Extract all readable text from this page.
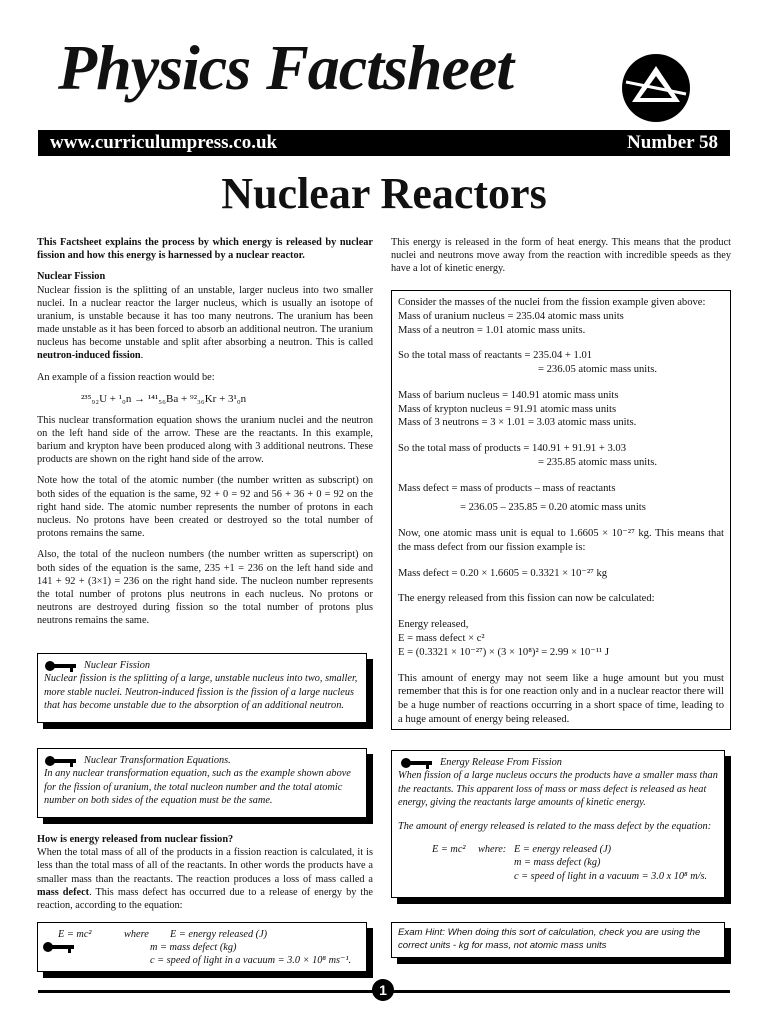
Physics Factsheet
www.curriculumpress.co.uk	Number 58
Nuclear Reactors

This Factsheet explains the process by which energy is released by nuclear fission and how this energy is harnessed by a nuclear reactor.

Nuclear Fission

Nuclear fission is the splitting of an unstable, larger nucleus into two smaller nuclei. In a nuclear reactor the larger nucleus, which is usually an isotope of uranium, is unstable because it has too many neutrons. The uranium has been made unstable as it has been forced to absorb an additional neutron. The uranium nucleus has become unstable and split after absorbing a neutron. This is called neutron-induced fission.

An example of a fission reaction would be:

²³⁵₉₂U + ¹₀n → ¹⁴¹₅₆Ba + ⁹²₃₆Kr + 3¹₀n

This nuclear transformation equation shows the uranium nuclei and the neutron on the left hand side of the arrow. These are the reactants. In this example, barium and krypton have been produced along with 3 additional neutrons. These products are shown on the right hand side of the arrow.

Note how the total of the atomic number (the number written as subscript) on both sides of the equation is the same, 92 + 0 = 92 and 56 + 36 + 0 = 92 on the right hand side. The atomic number represents the number of protons in each nucleus. No protons have been created or destroyed so the total number of protons remains the same.

Also, the total of the nucleon numbers (the number written as superscript) on both sides of the equation is the same, 235 +1 = 236 on the left hand side and 141 + 92 + (3×1) = 236 on the right hand side. The nucleon number represents the total number of protons plus neutrons in each nucleus. No protons or neutrons are destroyed during fission so the total number of protons plus neutrons remains the same.

Nuclear Fission

Nuclear fission is the splitting of a large, unstable nucleus into two, smaller, more stable nuclei. Neutron-induced fission is the fission of a large nucleus that has become unstable due to the absorption of an additional neutron.

Nuclear Transformation Equations.

In any nuclear transformation equation, such as the example shown above for the fission of uranium, the total nucleon number and the total atomic number on both sides of the equation must be the same.

How is energy released from nuclear fission?

When the total mass of all of the products in a fission reaction is calculated, it is less than the total mass of all of the reactants. In other words the products have a smaller mass than the reactants. The reaction produces a loss of mass called a mass defect. This mass defect has occurred due to a release of energy by the reaction, according to the equation:

E = mc²	where	E = energy released (J)
m = mass defect (kg)
c = speed of light in a vacuum = 3.0 × 10⁸ ms⁻¹.
This energy is released in the form of heat energy. This means that the product nuclei and neutrons move away from the reaction with incredible speeds as they have a lot of kinetic energy.

Consider the masses of the nuclei from the fission example given above:

Mass of uranium nucleus = 235.04 atomic mass units

Mass of a neutron = 1.01 atomic mass units.

So the total mass of reactants = 235.04 + 1.01

= 236.05 atomic mass units.

Mass of barium nucleus = 140.91 atomic mass units

Mass of krypton nucleus = 91.91 atomic mass units

Mass of 3 neutrons = 3 × 1.01 = 3.03 atomic mass units.

So the total mass of products = 140.91 + 91.91 + 3.03

= 235.85 atomic mass units.

Mass defect = mass of products – mass of reactants

= 236.05 – 235.85 = 0.20 atomic mass units

Now, one atomic mass unit is equal to 1.6605 × 10⁻²⁷ kg. This means that the mass defect from our fission example is:

Mass defect = 0.20 × 1.6605 = 0.3321 × 10⁻²⁷ kg

The energy released from this fission can now be calculated:

Energy released,

E = mass defect × c²

E = (0.3321 × 10⁻²⁷) × (3 × 10⁸)² = 2.99 × 10⁻¹¹ J

This amount of energy may not seem like a huge amount but you must remember that this is for one reaction only and in a nuclear reactor there will be a huge number of reactions occurring in a short space of time, leading to a huge amount of energy being released.

Energy Release From Fission

When fission of a large nucleus occurs the products have a smaller mass than the reactants. This apparent loss of mass or mass defect is released as heat energy, giving the reactants large amounts of kinetic energy.

The amount of energy released is related to the mass defect by the equation:

E = mc²	where: E = energy released (J)

m = mass defect (kg)

c = speed of light in a vacuum = 3.0 x 10⁸ m/s.

Exam Hint: When doing this sort of calculation, check you are using the correct units - kg for mass, not atomic mass units
1
